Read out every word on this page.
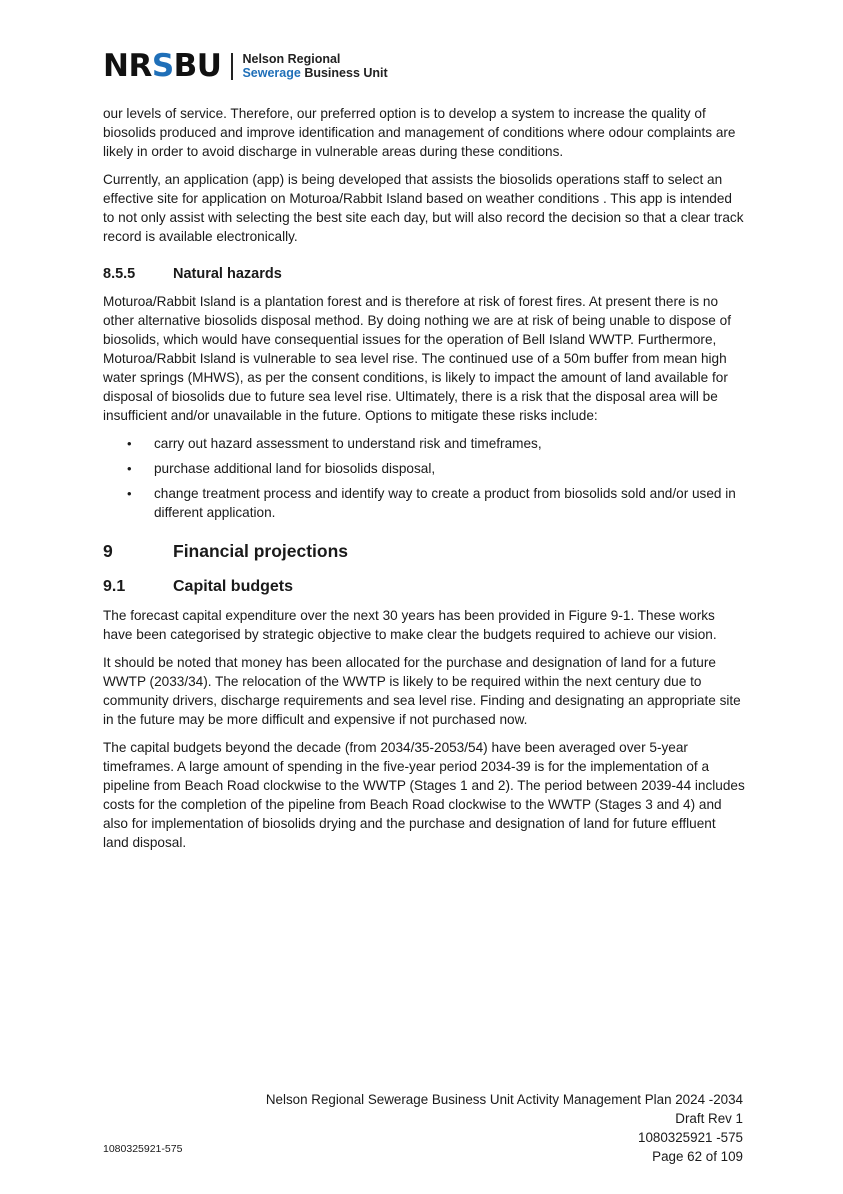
NRSBU Nelson Regional
Sewerage Business Unit

our levels of service. Therefore, our preferred option is to develop a system to increase the quality of biosolids produced and improve identification and management of conditions where odour complaints are likely in order to avoid discharge in vulnerable areas during these conditions.

Currently, an application (app) is being developed that assists the biosolids operations staff to select an effective site for application on Moturoa/Rabbit Island based on weather conditions . This app is intended to not only assist with selecting the best site each day, but will also record the decision so that a clear track record is available electronically.

8.5.5	Natural hazards

Moturoa/Rabbit Island is a plantation forest and is therefore at risk of forest fires. At present there is no other alternative biosolids disposal method. By doing nothing we are at risk of being unable to dispose of biosolids, which would have consequential issues for the operation of Bell Island WWTP. Furthermore, Moturoa/Rabbit Island is vulnerable to sea level rise. The continued use of a 50m buffer from mean high water springs (MHWS), as per the consent conditions, is likely to impact the amount of land available for disposal of biosolids due to future sea level rise. Ultimately, there is a risk that the disposal area will be insufficient and/or unavailable in the future. Options to mitigate these risks include:

• carry out hazard assessment to understand risk and timeframes,
• purchase additional land for biosolids disposal,
• change treatment process and identify way to create a product from biosolids sold and/or used in different application.
9	Financial projections
9.1	Capital budgets

The forecast capital expenditure over the next 30 years has been provided in Figure 9-1. These works have been categorised by strategic objective to make clear the budgets required to achieve our vision.

It should be noted that money has been allocated for the purchase and designation of land for a future WWTP (2033/34). The relocation of the WWTP is likely to be required within the next century due to community drivers, discharge requirements and sea level rise. Finding and designating an appropriate site in the future may be more difficult and expensive if not purchased now.

The capital budgets beyond the decade (from 2034/35-2053/54) have been averaged over 5-year timeframes. A large amount of spending in the five-year period 2034-39 is for the implementation of a pipeline from Beach Road clockwise to the WWTP (Stages 1 and 2). The period between 2039-44 includes costs for the completion of the pipeline from Beach Road clockwise to the WWTP (Stages 3 and 4) and also for implementation of biosolids drying and the purchase and designation of land for future effluent land disposal.

Nelson Regional Sewerage Business Unit Activity Management Plan 2024 -2034
Draft Rev 1
1080325921 -575
Page 62 of 109
1080325921-575
